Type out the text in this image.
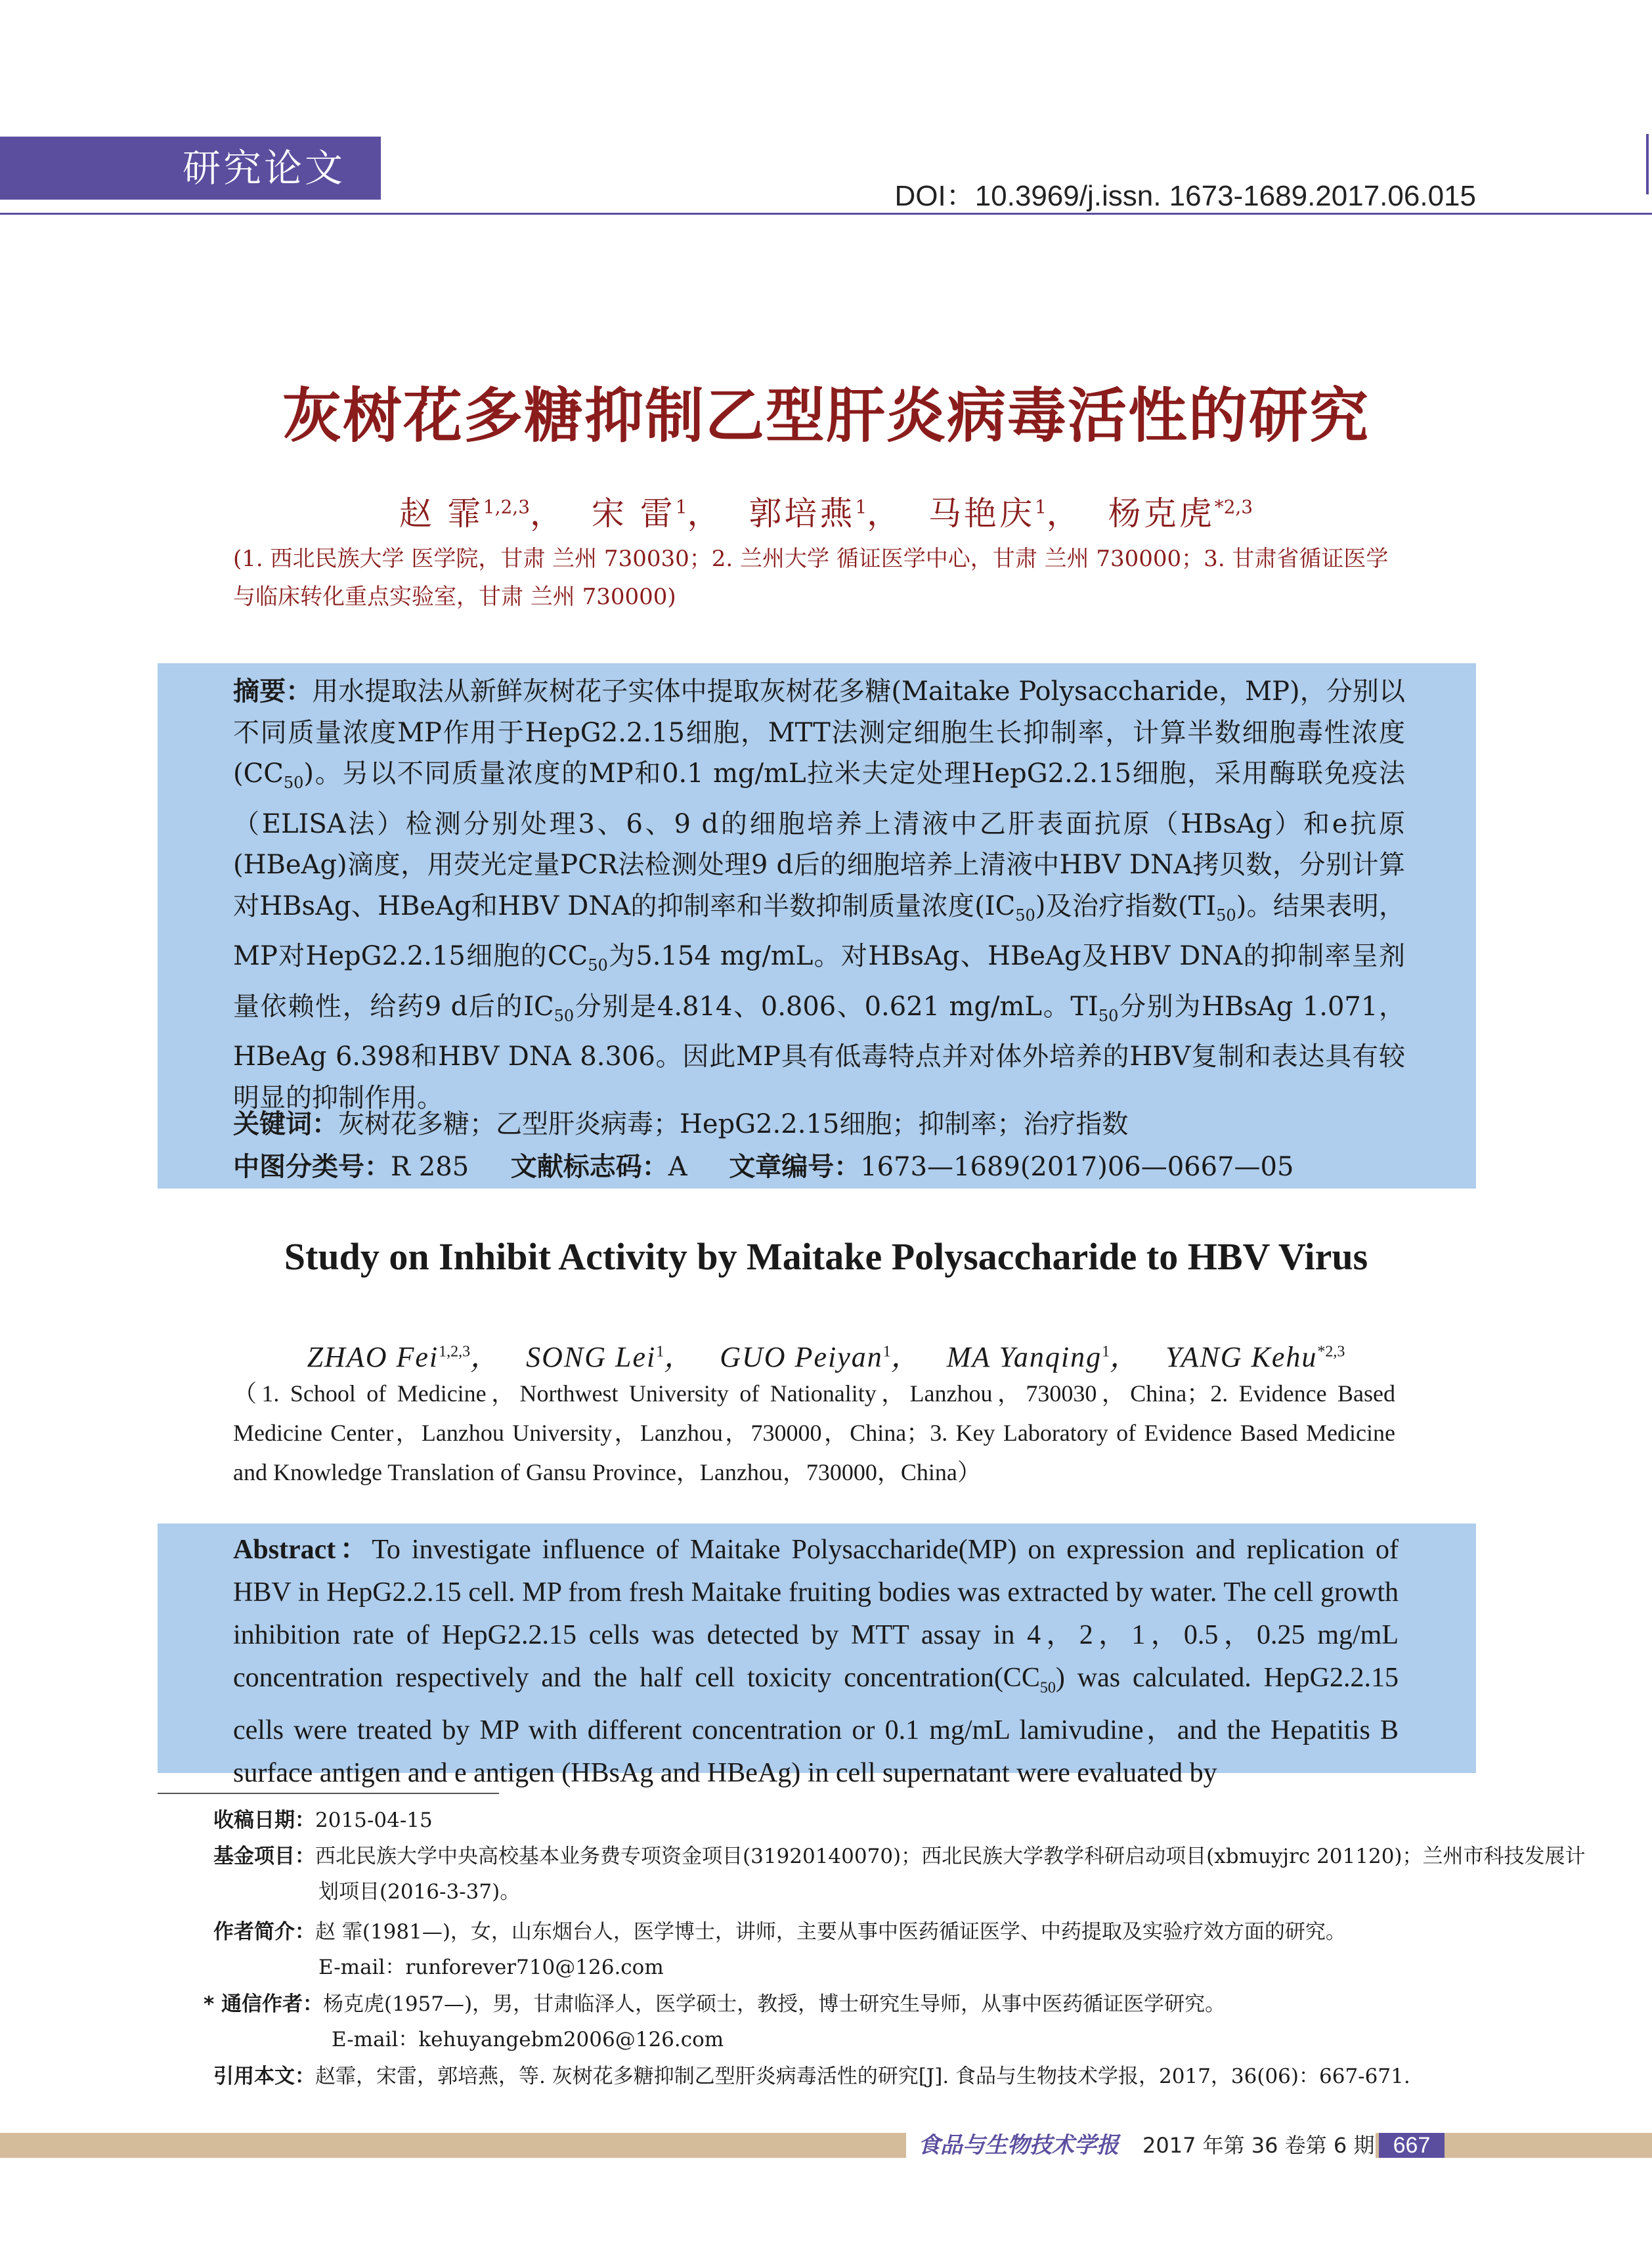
研究论文
DOI：10.3969/j.issn. 1673-1689.2017.06.015
灰树花多糖抑制乙型肝炎病毒活性的研究
赵 霏$^{1,2,3}$，  宋 雷$^1$，  郭培燕$^1$，  马艳庆$^1$，  杨克虎$^{*2,3}$
(1. 西北民族大学 医学院，甘肃 兰州 730030；2. 兰州大学 循证医学中心，甘肃 兰州 730000；3. 甘肃省循证医学
与临床转化重点实验室，甘肃 兰州 730000)
摘要：用水提取法从新鲜灰树花子实体中提取灰树花多糖(Maitake Polysaccharide，MP)，分别以不同质量浓度MP作用于HepG2.2.15细胞，MTT法测定细胞生长抑制率，计算半数细胞毒性浓度$(CC_{50})$。另以不同质量浓度的MP和0.1 mg/mL拉米夫定处理HepG2.2.15细胞，采用酶联免疫法（ELISA法）检测分别处理3、6、9 d的细胞培养上清液中乙肝表面抗原（HBsAg）和e抗原(HBeAg)滴度，用荧光定量PCR法检测处理9 d后的细胞培养上清液中HBV DNA拷贝数，分别计算对HBsAg、HBeAg和HBV DNA的抑制率和半数抑制质量浓度$(IC_{50})$及治疗指数$(TI_{50})$。结果表明，MP对HepG2.2.15细胞的$CC_{50}$为5.154 mg/mL。对HBsAg、HBeAg及HBV DNA的抑制率呈剂量依赖性，给药9 d后的$IC_{50}$分别是4.814、0.806、0.621 mg/mL。$TI_{50}$分别为HBsAg 1.071，HBeAg 6.398和HBV DNA 8.306。因此MP具有低毒特点并对体外培养的HBV复制和表达具有较明显的抑制作用。
关键词：灰树花多糖；乙型肝炎病毒；HepG2.2.15细胞；抑制率；治疗指数
中图分类号：R 285 文献标志码：A 文章编号：1673—1689(2017)06—0667—05
Study on Inhibit Activity by Maitake Polysaccharide to HBV Virus
ZHAO Fei$^{1,2,3}$，   SONG Lei$^1$，   GUO Peiyan$^1$，   MA Yanqing$^1$，   YANG Kehu$^{*2,3}$
（1. School of Medicine，Northwest University of Nationality，Lanzhou，730030，China；2. Evidence Based Medicine Center，Lanzhou University，Lanzhou，730000，China；3. Key Laboratory of Evidence Based Medicine and Knowledge Translation of Gansu Province，Lanzhou，730000，China）
Abstract：To investigate influence of Maitake Polysaccharide(MP) on expression and replication of HBV in HepG2.2.15 cell. MP from fresh Maitake fruiting bodies was extracted by water. The cell growth inhibition rate of HepG2.2.15 cells was detected by MTT assay in 4，2，1，0.5，0.25 mg/mL concentration respectively and the half cell toxicity $concentration(CC_{50})$ was calculated. HepG2.2.15 cells were treated by MP with different concentration or 0.1 mg/mL lamivudine，and the Hepatitis B surface antigen and e antigen (HBsAg and HBeAg) in cell supernatant were evaluated by
收稿日期：2015-04-15
基金项目：西北民族大学中央高校基本业务费专项资金项目(31920140070)；西北民族大学教学科研启动项目(xbmuyjrc 201120)；兰州市科技发展计划项目(2016-3-37)。
作者简介：赵 霏(1981—)，女，山东烟台人，医学博士，讲师，主要从事中医药循证医学、中药提取及实验疗效方面的研究。
E-mail：runforever710@126.com
* 通信作者：杨克虎(1957—)，男，甘肃临泽人，医学硕士，教授，博士研究生导师，从事中医药循证医学研究。
E-mail：kehuyangebm2006@126.com
引用本文：赵霏，宋雷，郭培燕，等. 灰树花多糖抑制乙型肝炎病毒活性的研究[J]. 食品与生物技术学报，2017，36(06)：667-671.
食品与生物技术学报 2017 年第 36 卷第 6 期 667
